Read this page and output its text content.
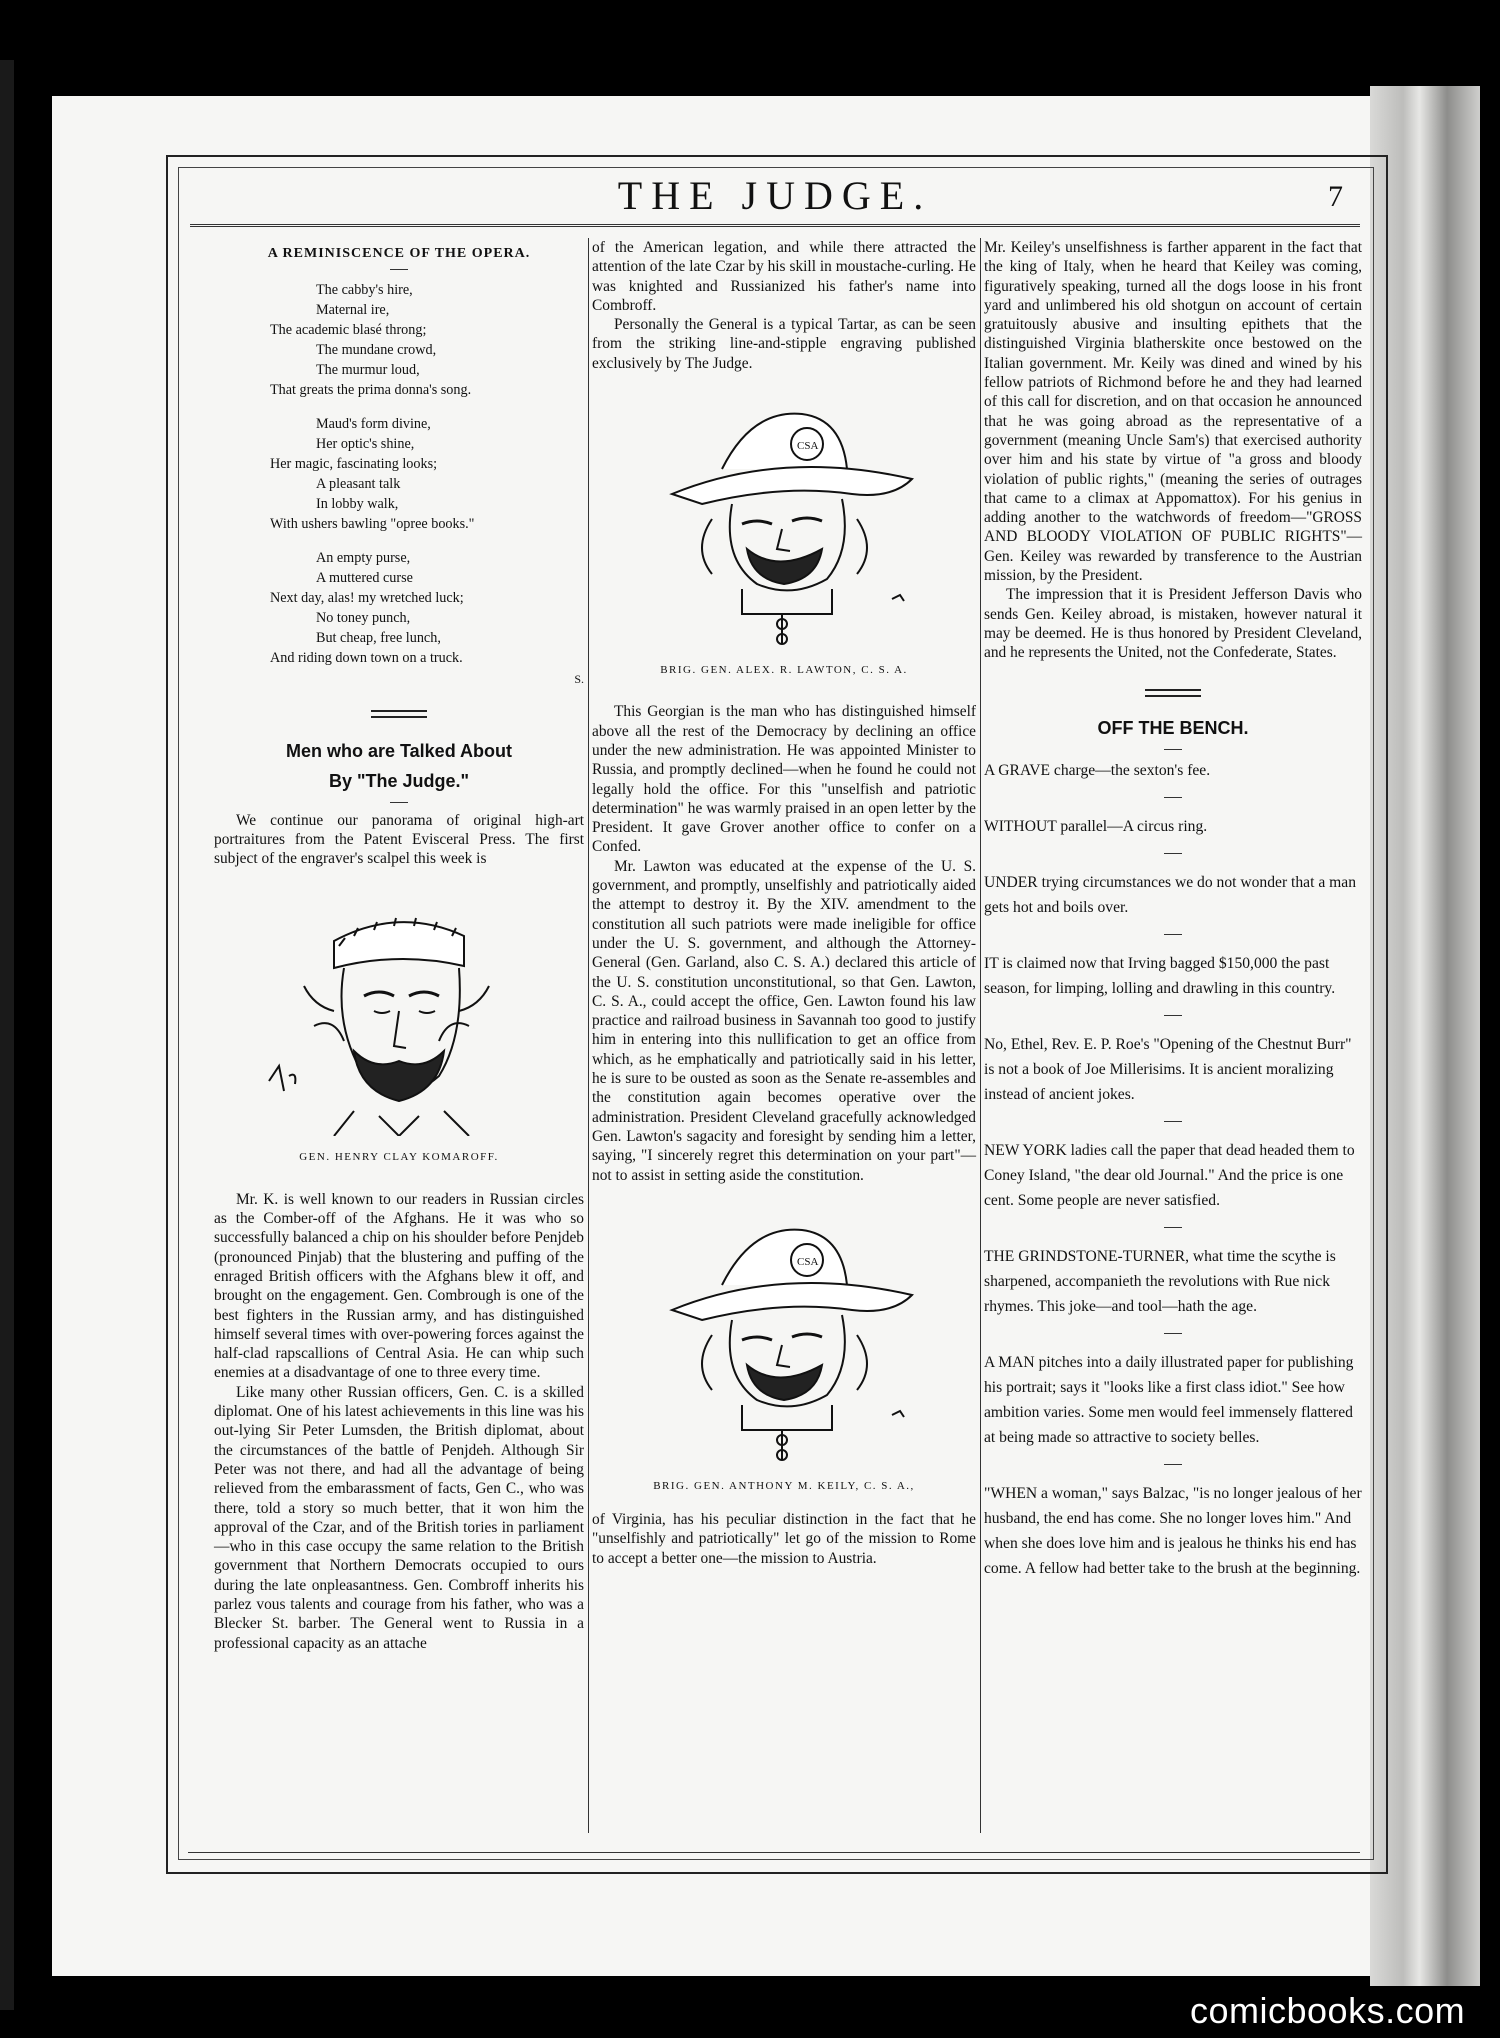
THE JUDGE.	7
A REMINISCENCE OF THE OPERA.
The cabby's hire,
Maternal ire,
The academic blasé throng;
The mundane crowd,
The murmur loud,
That greats the prima donna's song.
Maud's form divine,
Her optic's shine,
Her magic, fascinating looks;
A pleasant talk
In lobby walk,
With ushers bawling "opree books."
An empty purse,
A muttered curse
Next day, alas! my wretched luck;
No toney punch,
But cheap, free lunch,
And riding down town on a truck.
S.
Men who are Talked About
By "The Judge."

We continue our panorama of original high-art portraitures from the Patent Evisceral Press. The first subject of the engraver's scalpel this week is

GEN. HENRY CLAY KOMAROFF.

Mr. K. is well known to our readers in Russian circles as the Comber-off of the Afghans. He it was who so successfully balanced a chip on his shoulder before Penjdeb (pronounced Pinjab) that the blustering and puffing of the enraged British officers with the Afghans blew it off, and brought on the engagement. Gen. Combrough is one of the best fighters in the Russian army, and has distinguished himself several times with over-powering forces against the half-clad rapscallions of Central Asia. He can whip such enemies at a disadvantage of one to three every time.

Like many other Russian officers, Gen. C. is a skilled diplomat. One of his latest achievements in this line was his out-lying Sir Peter Lumsden, the British diplomat, about the circumstances of the battle of Penjdeh. Although Sir Peter was not there, and had all the advantage of being relieved from the embarassment of facts, Gen C., who was there, told a story so much better, that it won him the approval of the Czar, and of the British tories in parliament—who in this case occupy the same relation to the British government that Northern Democrats occupied to ours during the late onpleasantness. Gen. Combroff inherits his parlez vous talents and courage from his father, who was a Blecker St. barber. The General went to Russia in a professional capacity as an attache

of the American legation, and while there attracted the attention of the late Czar by his skill in moustache-curling. He was knighted and Russianized his father's name into Combroff.

Personally the General is a typical Tartar, as can be seen from the striking line-and-stipple engraving published exclusively by The Judge.

CSA
BRIG. GEN. ALEX. R. LAWTON, C. S. A.

This Georgian is the man who has distinguished himself above all the rest of the Democracy by declining an office under the new administration. He was appointed Minister to Russia, and promptly declined—when he found he could not legally hold the office. For this "unselfish and patriotic determination" he was warmly praised in an open letter by the President. It gave Grover another office to confer on a Confed.

Mr. Lawton was educated at the expense of the U. S. government, and promptly, unselfishly and patriotically aided the attempt to destroy it. By the XIV. amendment to the constitution all such patriots were made ineligible for office under the U. S. government, and although the Attorney-General (Gen. Garland, also C. S. A.) declared this article of the U. S. constitution unconstitutional, so that Gen. Lawton, C. S. A., could accept the office, Gen. Lawton found his law practice and railroad business in Savannah too good to justify him in entering into this nullification to get an office from which, as he emphatically and patriotically said in his letter, he is sure to be ousted as soon as the Senate re-assembles and the constitution again becomes operative over the administration. President Cleveland gracefully acknowledged Gen. Lawton's sagacity and foresight by sending him a letter, saying, "I sincerely regret this determination on your part"—not to assist in setting aside the constitution.

CSA
BRIG. GEN. ANTHONY M. KEILY, C. S. A.,

of Virginia, has his peculiar distinction in the fact that he "unselfishly and patriotically" let go of the mission to Rome to accept a better one—the mission to Austria.

Mr. Keiley's unselfishness is farther apparent in the fact that the king of Italy, when he heard that Keiley was coming, figuratively speaking, turned all the dogs loose in his front yard and unlimbered his old shotgun on account of certain gratuitously abusive and insulting epithets that the distinguished Virginia blatherskite once bestowed on the Italian government. Mr. Keily was dined and wined by his fellow patriots of Richmond before he and they had learned of this call for discretion, and on that occasion he announced that he was going abroad as the representative of a government (meaning Uncle Sam's) that exercised authority over him and his state by virtue of "a gross and bloody violation of public rights," (meaning the series of outrages that came to a climax at Appomattox). For his genius in adding another to the watchwords of freedom—"GROSS AND BLOODY VIOLATION OF PUBLIC RIGHTS"—Gen. Keiley was rewarded by transference to the Austrian mission, by the President.

The impression that it is President Jefferson Davis who sends Gen. Keiley abroad, is mistaken, however natural it may be deemed. He is thus honored by President Cleveland, and he represents the United, not the Confederate, States.

OFF THE BENCH.

A GRAVE charge—the sexton's fee.

WITHOUT parallel—A circus ring.

UNDER trying circumstances we do not wonder that a man gets hot and boils over.

IT is claimed now that Irving bagged $150,000 the past season, for limping, lolling and drawling in this country.

No, Ethel, Rev. E. P. Roe's "Opening of the Chestnut Burr" is not a book of Joe Millerisims. It is ancient moralizing instead of ancient jokes.

NEW YORK ladies call the paper that dead headed them to Coney Island, "the dear old Journal." And the price is one cent. Some people are never satisfied.

THE GRINDSTONE-TURNER, what time the scythe is sharpened, accompanieth the revolutions with Rue nick rhymes. This joke—and tool—hath the age.

A MAN pitches into a daily illustrated paper for publishing his portrait; says it "looks like a first class idiot." See how ambition varies. Some men would feel immensely flattered at being made so attractive to society belles.

"WHEN a woman," says Balzac, "is no longer jealous of her husband, the end has come. She no longer loves him." And when she does love him and is jealous he thinks his end has come. A fellow had better take to the brush at the beginning.

comicbooks.com
